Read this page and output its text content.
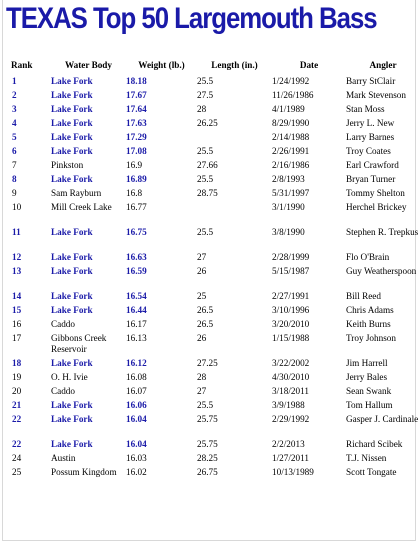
TEXAS Top 50 Largemouth Bass
Rank	Water Body	Weight (lb.)	Length (in.)	Date	Angler
1	Lake Fork	18.18	25.5	1/24/1992	Barry StClair
2	Lake Fork	17.67	27.5	11/26/1986	Mark Stevenson
3	Lake Fork	17.64	28	4/1/1989	Stan Moss
4	Lake Fork	17.63	26.25	8/29/1990	Jerry L. New
5	Lake Fork	17.29		2/14/1988	Larry Barnes
6	Lake Fork	17.08	25.5	2/26/1991	Troy Coates
7	Pinkston	16.9	27.66	2/16/1986	Earl Crawford
8	Lake Fork	16.89	25.5	2/8/1993	Bryan Turner
9	Sam Rayburn	16.8	28.75	5/31/1997	Tommy Shelton
10	Mill Creek Lake	16.77		3/1/1990	Herchel Brickey
11	Lake Fork	16.75	25.5	3/8/1990	Stephen R. Trepkus
12	Lake Fork	16.63	27	2/28/1999	Flo O'Brain
13	Lake Fork	16.59	26	5/15/1987	Guy Weatherspoon
14	Lake Fork	16.54	25	2/27/1991	Bill Reed
15	Lake Fork	16.44	26.5	3/10/1996	Chris Adams
16	Caddo	16.17	26.5	3/20/2010	Keith Burns
17	Gibbons Creek Reservoir	16.13	26	1/15/1988	Troy Johnson
18	Lake Fork	16.12	27.25	3/22/2002	Jim Harrell
19	O. H. Ivie	16.08	28	4/30/2010	Jerry Bales
20	Caddo	16.07	27	3/18/2011	Sean Swank
21	Lake Fork	16.06	25.5	3/9/1988	Tom Hallum
22	Lake Fork	16.04	25.75	2/29/1992	Gasper J. Cardinale
22	Lake Fork	16.04	25.75	2/2/2013	Richard Scibek
24	Austin	16.03	28.25	1/27/2011	T.J. Nissen
25	Possum Kingdom	16.02	26.75	10/13/1989	Scott Tongate
